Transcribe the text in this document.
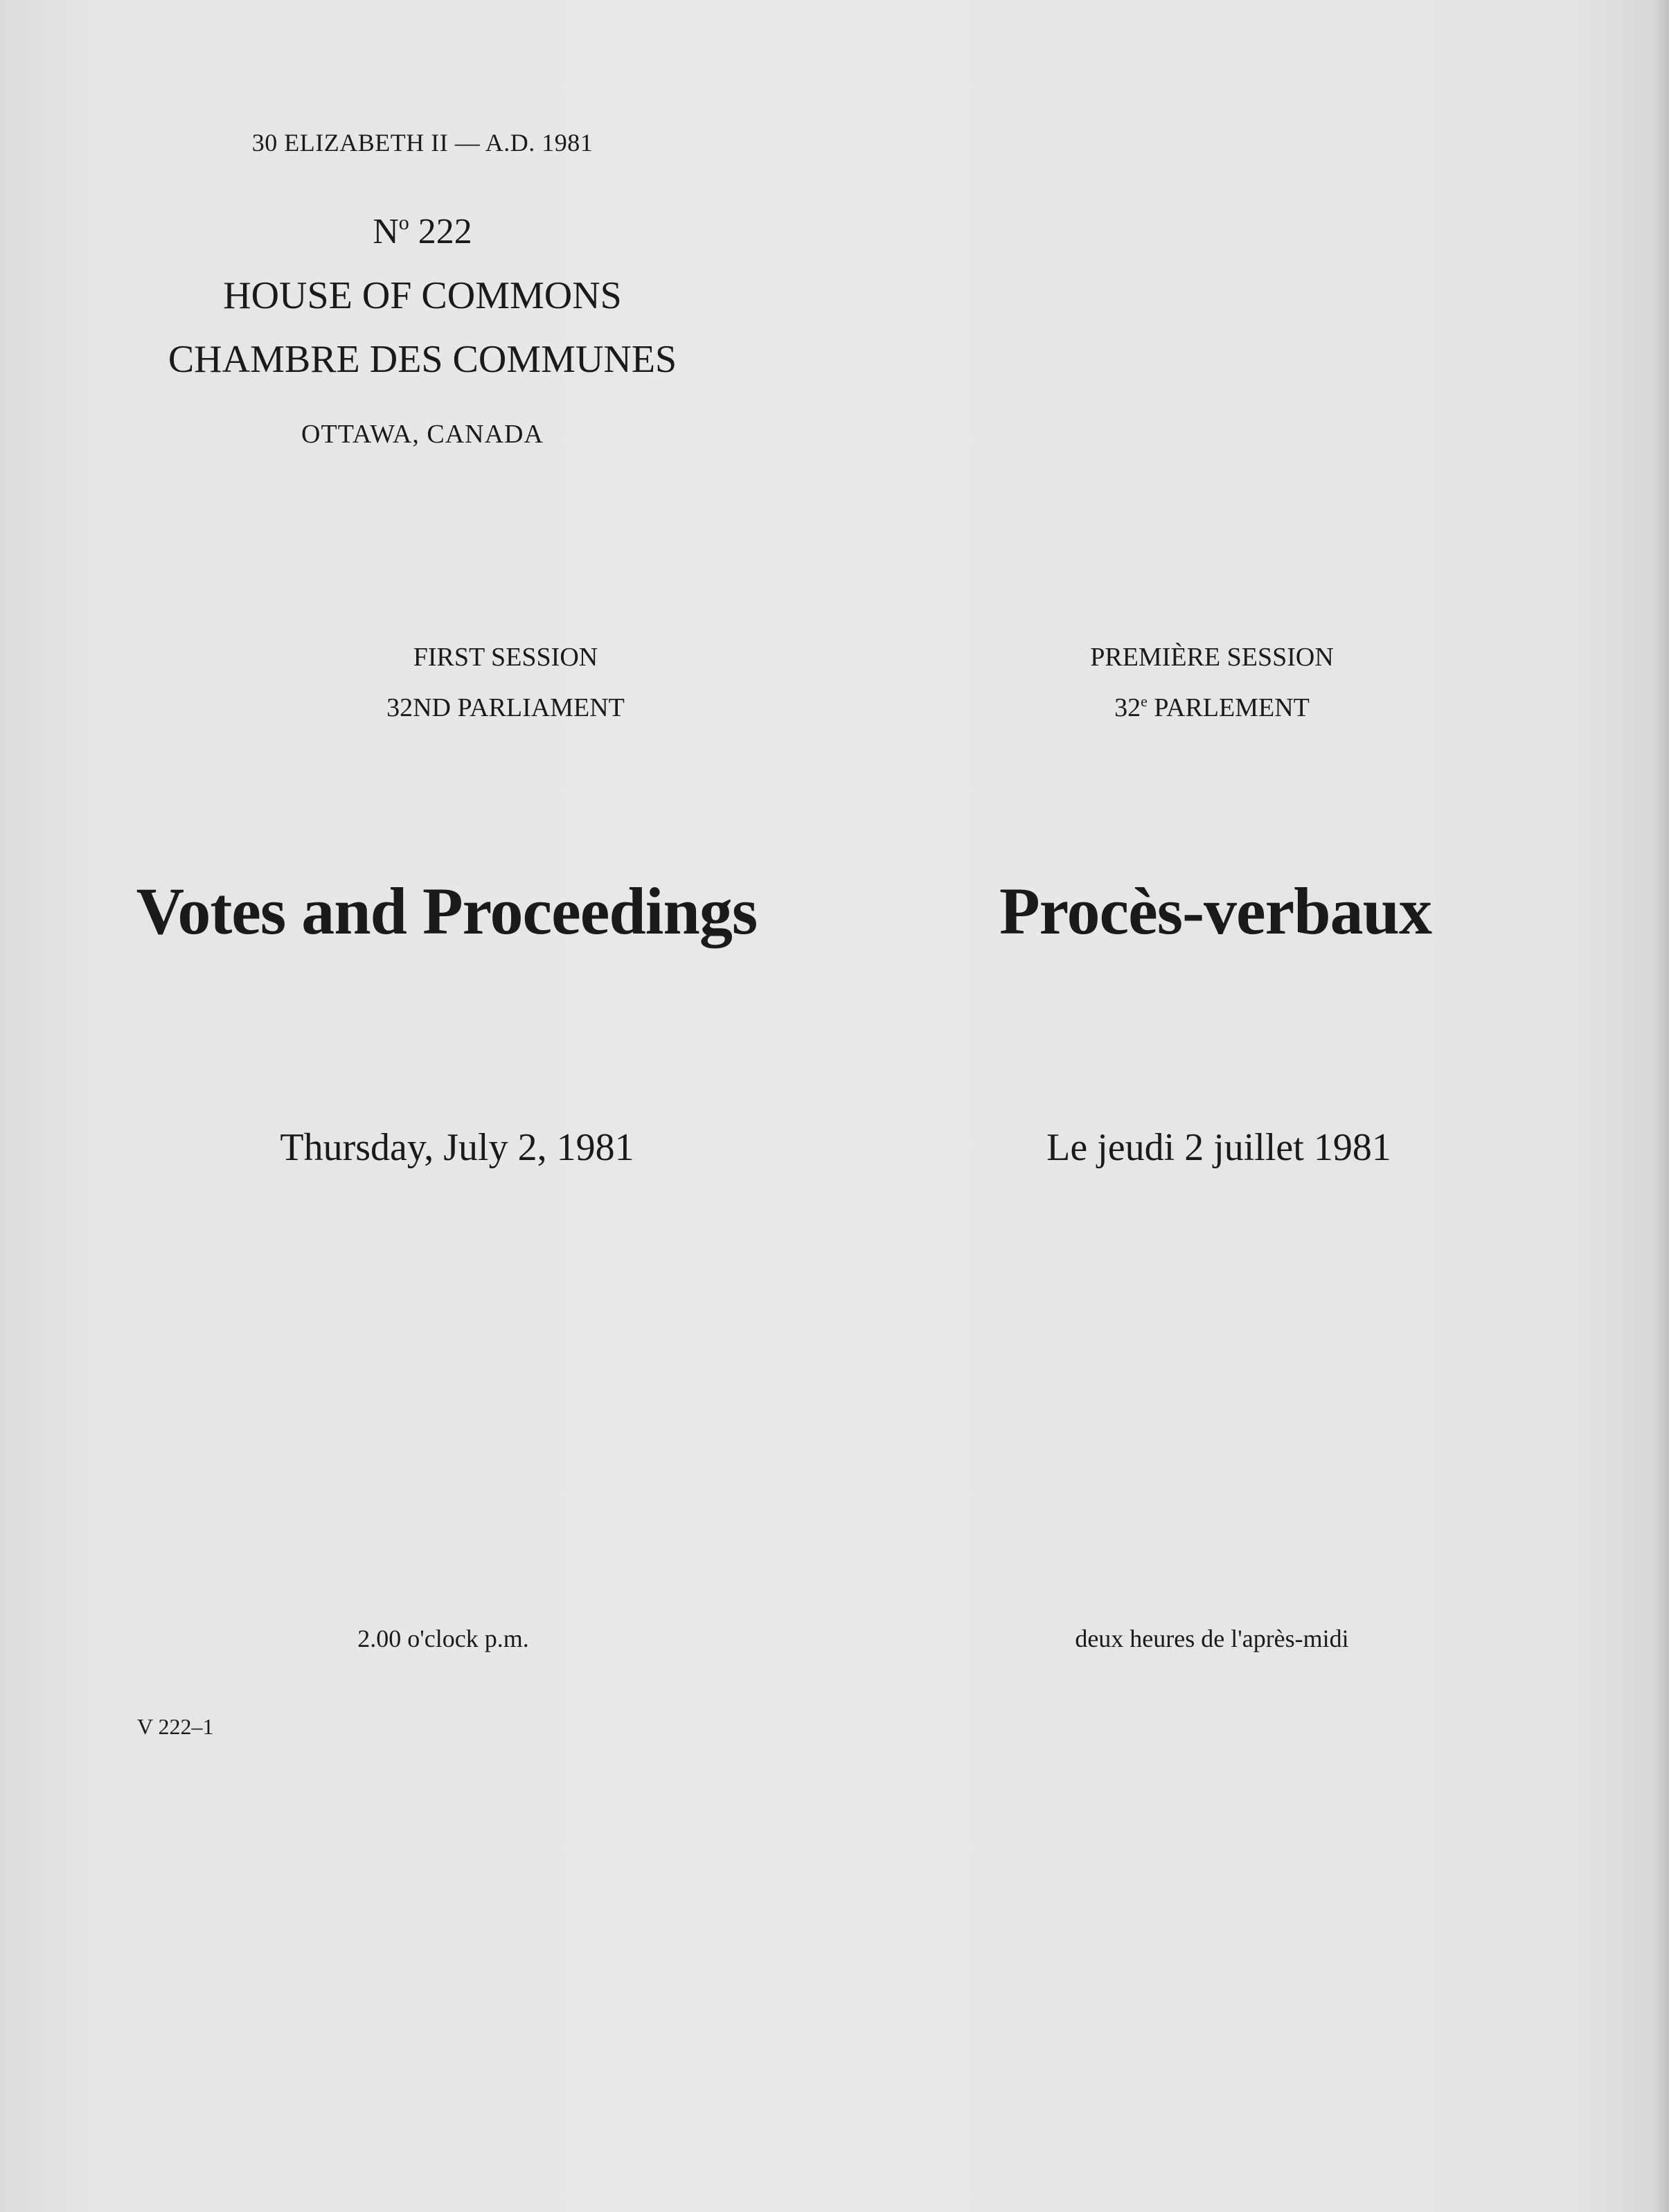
30 ELIZABETH II — A.D. 1981
$N^o$ 222
HOUSE OF COMMONS
CHAMBRE DES COMMUNES
OTTAWA, CANADA
FIRST SESSION
32ND PARLIAMENT
PREMIÈRE SESSION
32e PARLEMENT
Votes and Proceedings	Procès-verbaux
Thursday, July 2, 1981	Le jeudi 2 juillet 1981
2.00 o'clock p.m.	deux heures de l'après-midi
V 222–1
